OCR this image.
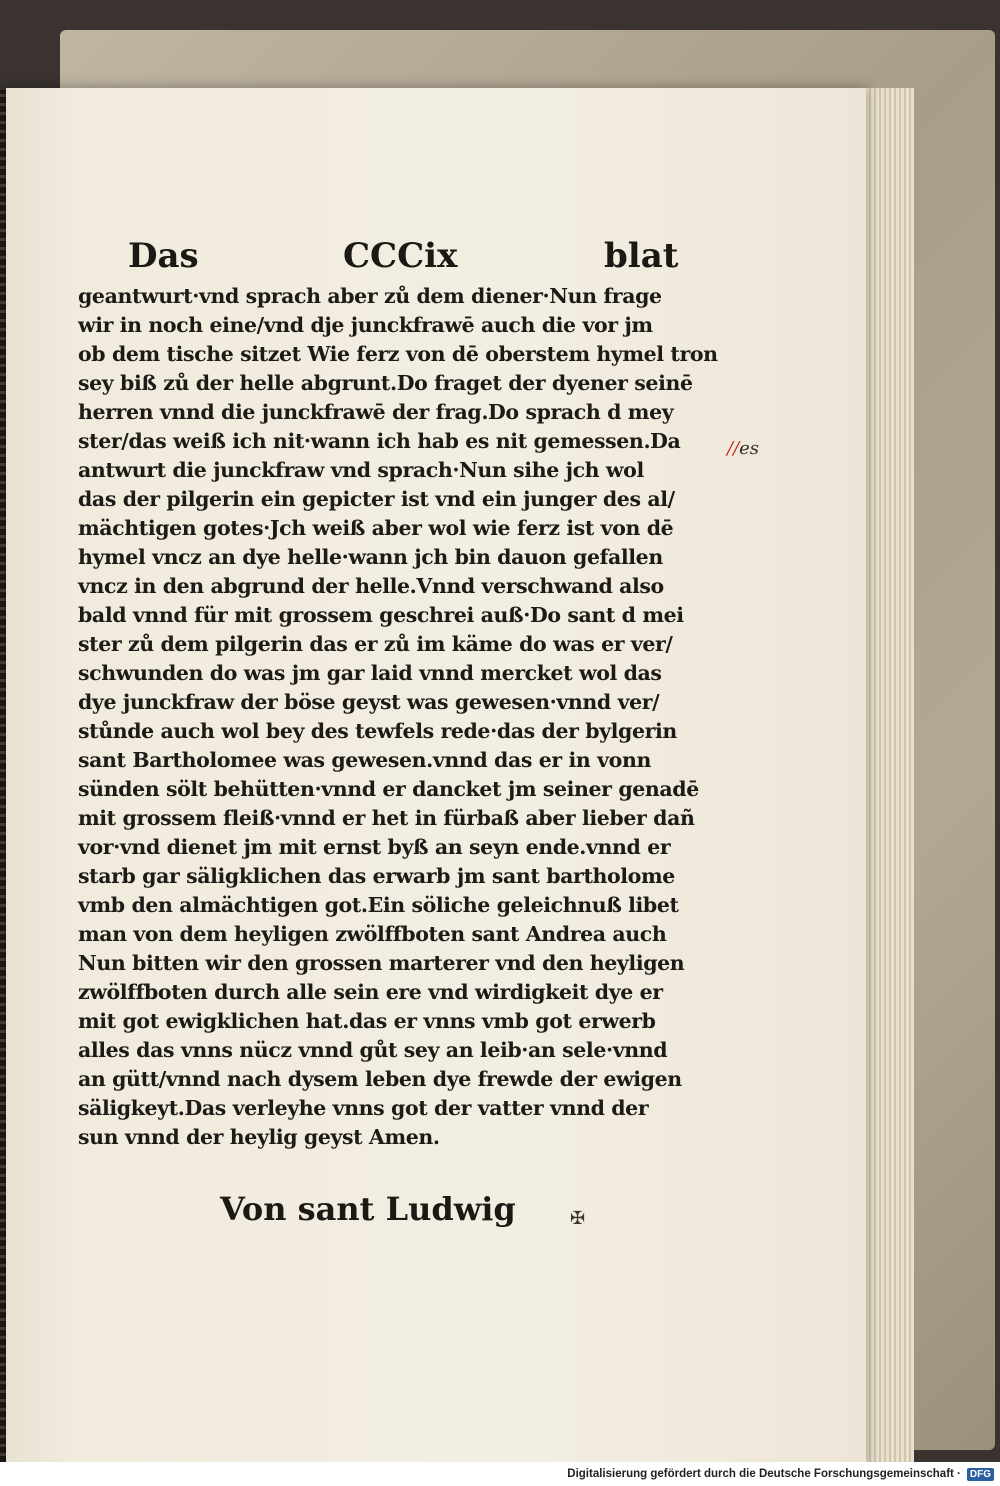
Das	CCCix	blat
geantwurt·vnd sprach aber zů dem diener·Nun frage
wir in noch eine/vnd dje junckfrawē auch die vor jm
ob dem tische sitzet Wie ferz von dē oberstem hymel tron
sey biß zů der helle abgrunt.Do fraget der dyener seinē
herren vnnd die junckfrawē der frag.Do sprach d mey
ster/das weiß ich nit·wann ich hab es nit gemessen.Da
antwurt die junckfraw vnd sprach·Nun sihe jch wol
das der pilgerin ein gepicter ist vnd ein junger des al/
mächtigen gotes·Jch weiß aber wol wie ferz ist von dē
hymel vncz an dye helle·wann jch bin dauon gefallen
vncz in den abgrund der helle.Vnnd verschwand also
bald vnnd für mit grossem geschrei auß·Do sant d mei
ster zů dem pilgerin das er zů im käme do was er ver/
schwunden do was jm gar laid vnnd mercket wol das
dye junckfraw der böse geyst was gewesen·vnnd ver/
stůnde auch wol bey des tewfels rede·das der bylgerin
sant Bartholomee was gewesen.vnnd das er in vonn
sünden sölt behütten·vnnd er dancket jm seiner genadē
mit grossem fleiß·vnnd er het in fürbaß aber lieber dañ
vor·vnd dienet jm mit ernst byß an seyn ende.vnnd er
starb gar säligklichen das erwarb jm sant bartholome
vmb den almächtigen got.Ein söliche geleichnuß libet
man von dem heyligen zwölffboten sant Andrea auch
Nun bitten wir den grossen marterer vnd den heyligen
zwölffboten durch alle sein ere vnd wirdigkeit dye er
mit got ewigklichen hat.das er vnns vmb got erwerb
alles das vnns nücz vnnd gůt sey an leib·an sele·vnnd
an gütt/vnnd nach dysem leben dye frewde der ewigen
säligkeyt.Das verleyhe vnns got der vatter vnnd der
sun vnnd der heylig geyst Amen.
//es
Von sant Ludwig	✠
Digitalisierung gefördert durch die Deutsche Forschungsgemeinschaft · DFG
